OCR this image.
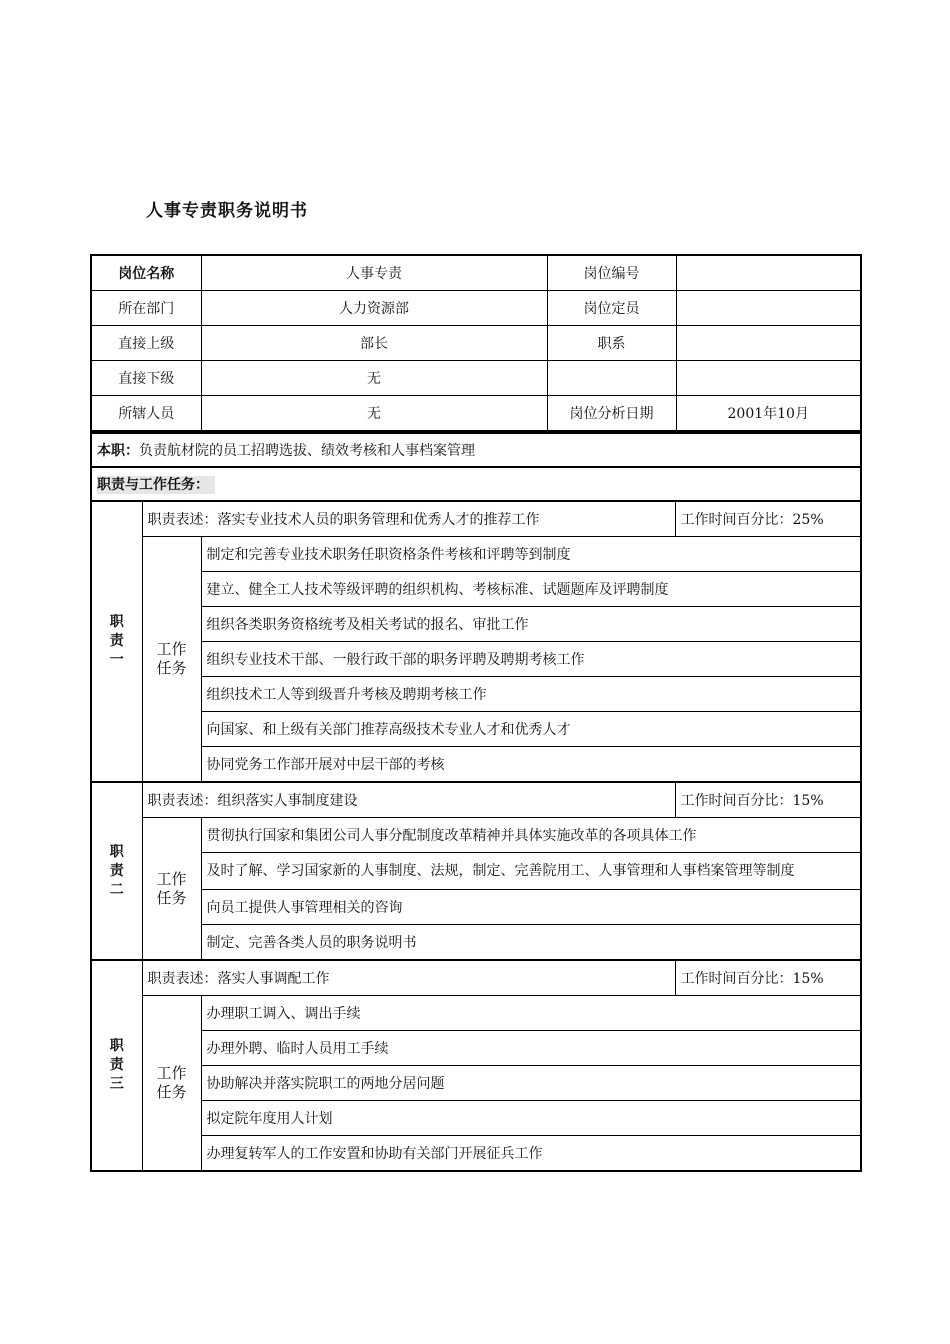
人事专责职务说明书
岗位名称	人事专责	岗位编号	
所在部门	人力资源部	岗位定员	
直接上级	部长	职系	
直接下级	无		
所辖人员	无	岗位分析日期	2001年10月
本职：负责航材院的员工招聘选拔、绩效考核和人事档案管理			
职责与工作任务：			
职责一	职责表述：落实专业技术人员的职务管理和优秀人才的推荐工作		工作时间百分比：25%
	工作任务	制定和完善专业技术职务任职资格条件考核和评聘等到制度	
		建立、健全工人技术等级评聘的组织机构、考核标准、试题题库及评聘制度	
		组织各类职务资格统考及相关考试的报名、审批工作	
		组织专业技术干部、一般行政干部的职务评聘及聘期考核工作	
		组织技术工人等到级晋升考核及聘期考核工作	
		向国家、和上级有关部门推荐高级技术专业人才和优秀人才	
		协同党务工作部开展对中层干部的考核	
职责二	职责表述：组织落实人事制度建设		工作时间百分比：15%
	工作任务	贯彻执行国家和集团公司人事分配制度改革精神并具体实施改革的各项具体工作	
		及时了解、学习国家新的人事制度、法规，制定、完善院用工、人事管理和人事档案管理等制度	
		向员工提供人事管理相关的咨询	
		制定、完善各类人员的职务说明书	
职责三	职责表述：落实人事调配工作		工作时间百分比：15%
	工作任务	办理职工调入、调出手续	
		办理外聘、临时人员用工手续	
		协助解决并落实院职工的两地分居问题	
		拟定院年度用人计划	
		办理复转军人的工作安置和协助有关部门开展征兵工作	
